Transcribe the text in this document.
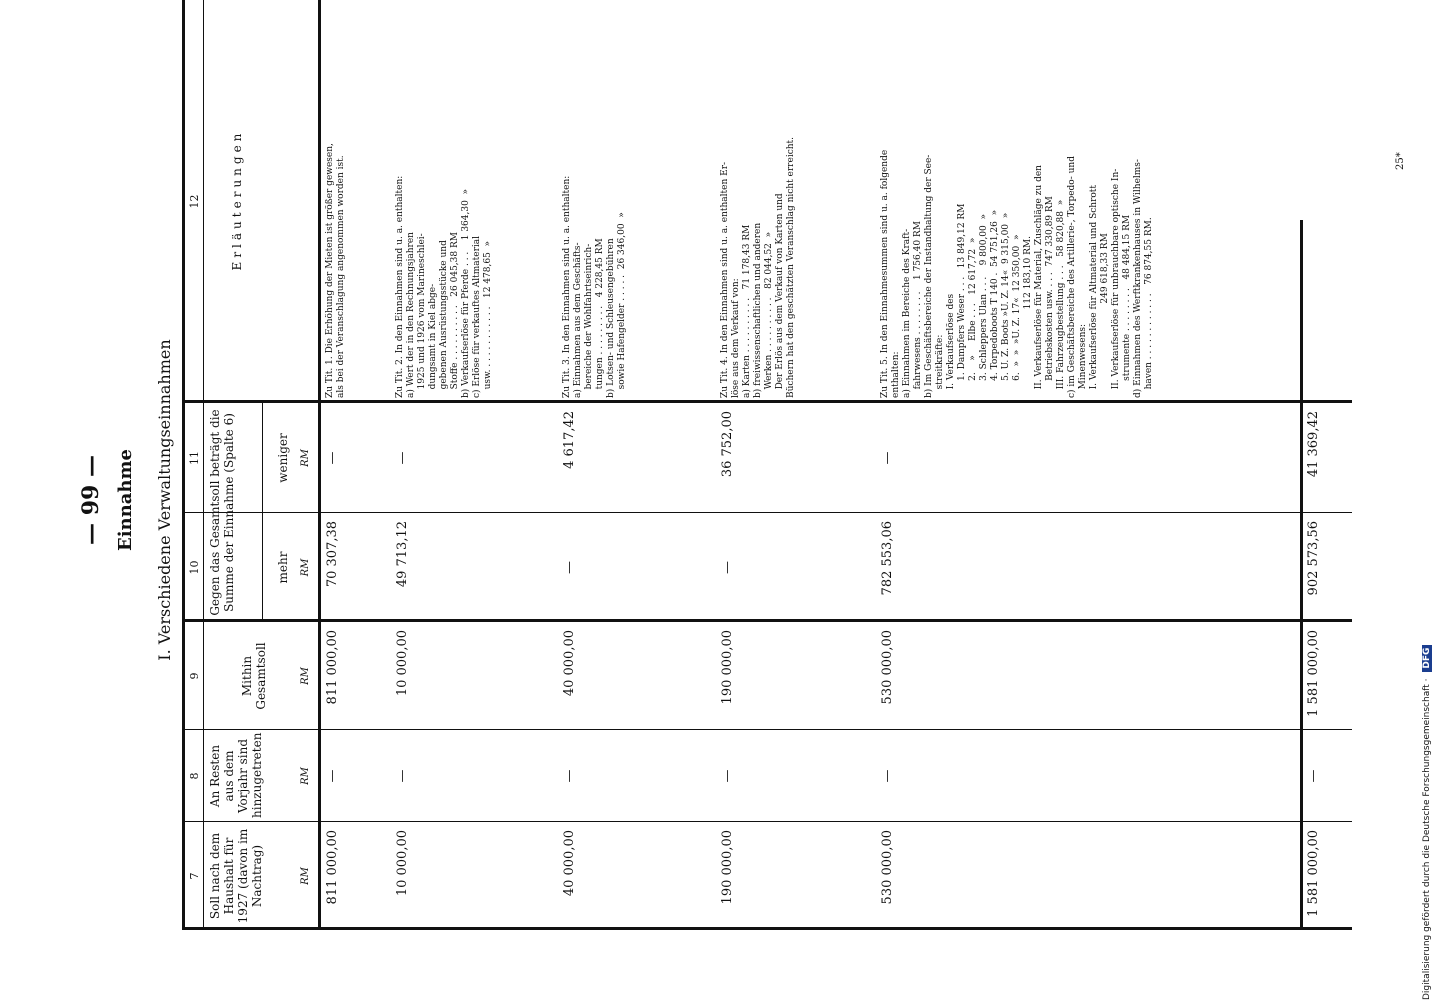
— 99 — Einnahme I. Verschiedene Verwaltungseinnahmen
7
8
9
10
11
12
Soll nach dem Haushalt für 1927 (davon im Nachtrag)
An Resten aus dem Vorjahr sind hinzugetreten
Mithin Gesamtsoll
Gegen das Gesamtsoll beträgt die Summe der Einnahme (Spalte 6)	mehr
weniger
Erläuterungen
RM
RM
RM
RM
RM
811 000,00
—
811 000,00
70 307,38
—
Zu Tit. 1. Die Erhöhung der Mieten ist größer gewesen,
als bei der Veranschlagung angenommen worden ist.
10 000,00
—
10 000,00
49 713,12
—
Zu Tit. 2. In den Einnahmen sind u. a. enthalten:
a) Wert der in den Rechnungsjahren
1925 und 1926 vom Marineschlei-
dungsamt in Kiel abge-
gebenen Ausrüstungsstücke und
Stoffe . . . . . . . . . .   26 045,38 RM
b) Verkaufserlöse für Pferde . . .    1 364,30  »
c) Erlöse für verkauftes Altmaterial
usw. . . . . . . . . . . .   12 478,65  »
40 000,00
—
40 000,00
—
4 617,42
Zu Tit. 3. In den Einnahmen sind u. a. enthalten:
a) Einnahmen aus dem Geschäfts-
bereiche der Wohlfahrtseinrich-
tungen . . . . . . . . .   4 228,45 RM
b) Lotsen- und Schleusengebühren
sowie Hafengelder . . . . .  26 346,00  »
190 000,00
—
190 000,00
—
36 752,00
Zu Tit. 4. In den Einnahmen sind u. a. enthalten Er-
löse aus dem Verkauf von:
a) Karten . . . . . . . . . .   71 178,43 RM
b) freiwissenschaftlichen und anderen
Werken . . . . . . . . . .   82 044,52  »
Der Erlös aus dem Verkauf von Karten und
Büchern hat den geschätzten Veranschlag nicht erreicht.
530 000,00
—
530 000,00
782 553,06
—
Zu Tit. 5. In den Einnahmesummen sind u. a. folgende
enthalten:
a) Einnahmen im Bereiche des Kraft-
fahrwesens . . . . . . . .    1 756,40 RM
b) Im Geschäftsbereiche der Instandhaltung der See-
streitkräfte:
I. Verkaufserlöse des
1. Dampfers Weser . . .   13 849,12 RM
2.    »     Elbe . . .   12 617,72  »
3. Schleppers Ulan . . .    9 800,00  »
4. Torpedoboots T 140 .  54 751,26  »
5. U. Z. Boots »U. Z. 14«  9 315,00  »
6.  »  »  »U. Z. 17«  12 350,00  »
112 183,10 RM.
II. Verkaufserlöse für Material, Zuschläge zu den
Betriebskosten usw. . . .  747 330,89 RM
III. Fahrzeugbestellung . . .   58 820,88  »
c) im Geschäftsbereiche des Artillerie-, Torpedo- und
Minenwesens:
I. Verkaufserlöse für Altmaterial und Schrott
249 618,33 RM
II. Verkaufserlöse für unbrauchbare optische In-
strumente . . . . . . . .   48 484,15 RM
d) Einnahmen des Werftkrankenhauses in Wilhelms-
haven . . . . . . . . . . . .   76 874,55 RM.
1 581 000,00
—
1 581 000,00
902 573,56
41 369,42
25*
Digitalisierung gefördert durch die Deutsche Forschungsgemeinschaft · DFG
